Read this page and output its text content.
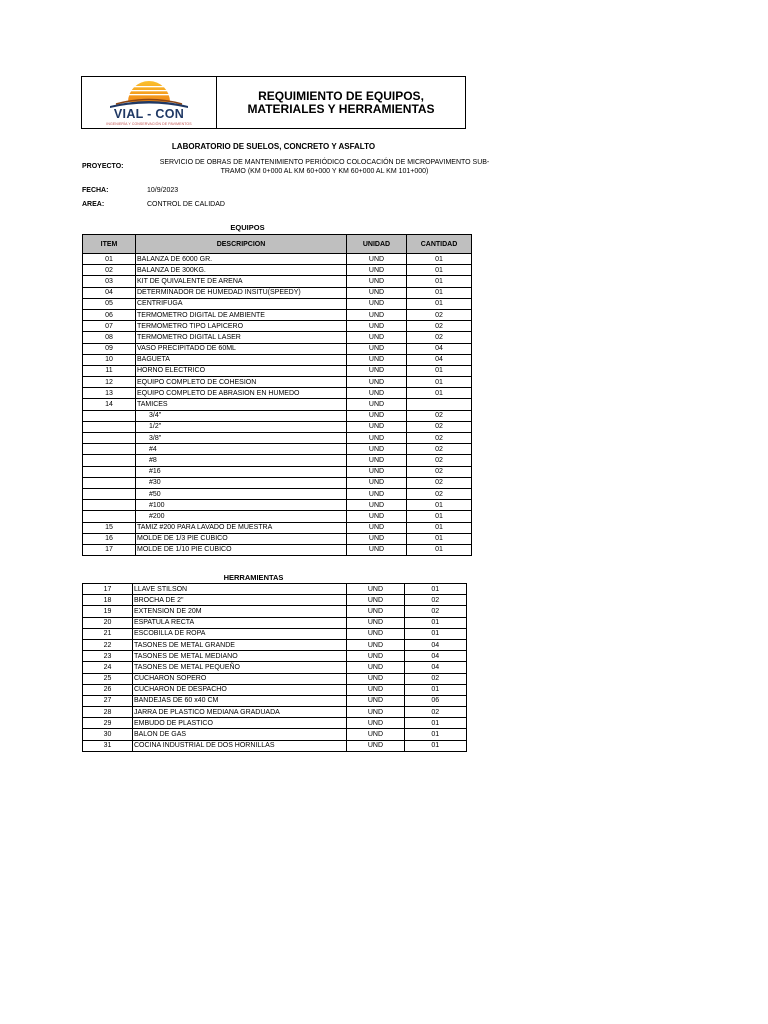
VIAL - CON
INGENIERÍA Y CONSERVACIÓN DE PAVIMENTOS
REQUIMIENTO DE EQUIPOS, MATERIALES Y HERRAMIENTAS
LABORATORIO DE SUELOS, CONCRETO Y ASFALTO
PROYECTO:
SERVICIO DE OBRAS DE MANTENIMIENTO PERIÓDICO COLOCACIÓN DE MICROPAVIMENTO SUB-
TRAMO (KM 0+000 AL KM 60+000 Y KM 60+000 AL KM 101+000)
FECHA:	10/9/2023
AREA:	CONTROL DE CALIDAD
EQUIPOS
ITEM	DESCRIPCION	UNIDAD	CANTIDAD
01	BALANZA DE 6000 GR.	UND	01
02	BALANZA DE 300KG.	UND	01
03	KIT DE QUIVALENTE DE ARENA	UND	01
04	DETERMINADOR DE HUMEDAD INSITU(SPEEDY)	UND	01
05	CENTRIFUGA	UND	01
06	TERMOMETRO DIGITAL DE AMBIENTE	UND	02
07	TERMOMETRO TIPO LAPICERO	UND	02
08	TERMOMETRO DIGITAL LASER	UND	02
09	VASO PRECIPITADO DE 60ML	UND	04
10	BAGUETA	UND	04
11	HORNO ELECTRICO	UND	01
12	EQUIPO COMPLETO DE COHESION	UND	01
13	EQUIPO COMPLETO DE ABRASION EN HUMEDO	UND	01
14	TAMICES	UND	
	3/4"	UND	02
	1/2"	UND	02
	3/8"	UND	02
	#4	UND	02
	#8	UND	02
	#16	UND	02
	#30	UND	02
	#50	UND	02
	#100	UND	01
	#200	UND	01
15	TAMIZ #200 PARA LAVADO DE MUESTRA	UND	01
16	MOLDE DE 1/3 PIE CUBICO	UND	01
17	MOLDE DE 1/10 PIE CUBICO	UND	01
HERRAMIENTAS
17	LLAVE STILSON	UND	01
18	BROCHA DE 2"	UND	02
19	EXTENSION DE 20M	UND	02
20	ESPATULA RECTA	UND	01
21	ESCOBILLA DE ROPA	UND	01
22	TASONES DE METAL GRANDE	UND	04
23	TASONES DE METAL MEDIANO	UND	04
24	TASONES DE METAL PEQUEÑO	UND	04
25	CUCHARON SOPERO	UND	02
26	CUCHARON DE DESPACHO	UND	01
27	BANDEJAS DE 60 x40 CM	UND	06
28	JARRA DE PLASTICO MEDIANA GRADUADA	UND	02
29	EMBUDO DE PLASTICO	UND	01
30	BALON DE GAS	UND	01
31	COCINA INDUSTRIAL DE DOS HORNILLAS	UND	01
